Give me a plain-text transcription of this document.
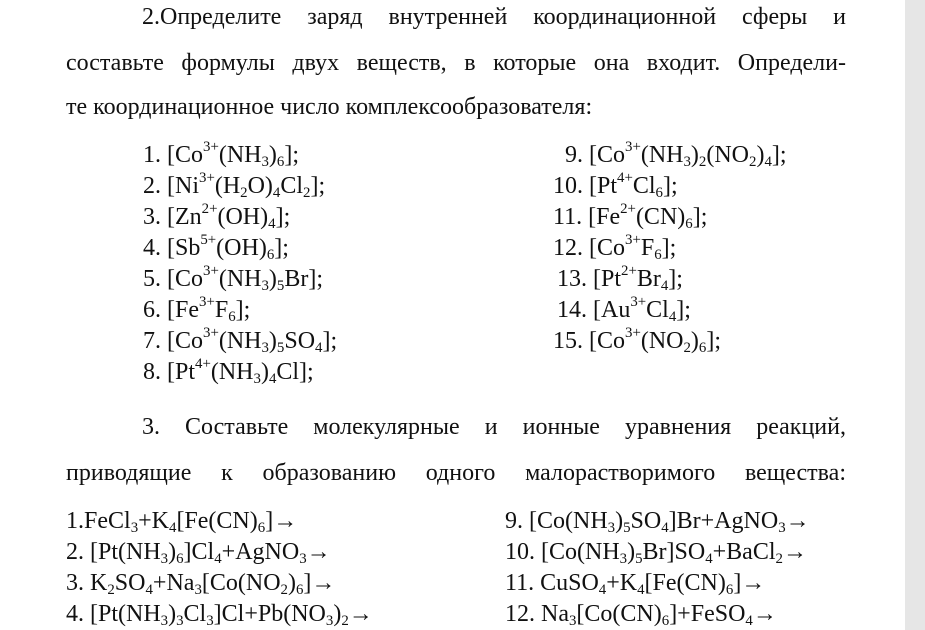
2.Определите заряд внутренней координационной сферы и
составьте формулы двух веществ, в которые она входит. Определи-
те координационное число комплексообразователя:
1. $[Co^{3+}(NH_3)_6]$;
2. $[Ni^{3+}(H_2O)_4Cl_2]$;
3. $[Zn^{2+}(OH)_4]$;
4. $[Sb^{5+}(OH)_6]$;
5. $[Co^{3+}(NH_3)_5Br]$;
6. $[Fe^{3+}F_6]$;
7. $[Co^{3+}(NH_3)_5SO_4]$;
8. $[Pt^{4+}(NH_3)_4Cl]$;
9. $[Co^{3+}(NH_3)_2(NO_2)_4]$;
10. $[Pt^{4+}Cl_6]$;
11. $[Fe^{2+}(CN)_6]$;
12. $[Co^{3+}F_6]$;
13. $[Pt^{2+}Br_4]$;
14. $[Au^{3+}Cl_4]$;
15. $[Co^{3+}(NO_2)_6]$;
3. Составьте молекулярные и ионные уравнения реакций,
приводящие к образованию одного малорастворимого вещества:
$1.FeCl_3+K_4[Fe(CN)_6]\to$
2. $[Pt(NH_3)_6]Cl_4+AgNO_3\to$
3. $K_2SO_4+Na_3[Co(NO_2)_6]\to$
4. $[Pt(NH_3)_3Cl_3]Cl+Pb(NO_3)_2\to$
9. $[Co(NH_3)_5SO_4]Br+AgNO_3\to$
10. $[Co(NH_3)_5Br]SO_4+BaCl_2\to$
11. $CuSO_4+K_4[Fe(CN)_6]\to$
12. $Na_3[Co(CN)_6]+FeSO_4\to$
